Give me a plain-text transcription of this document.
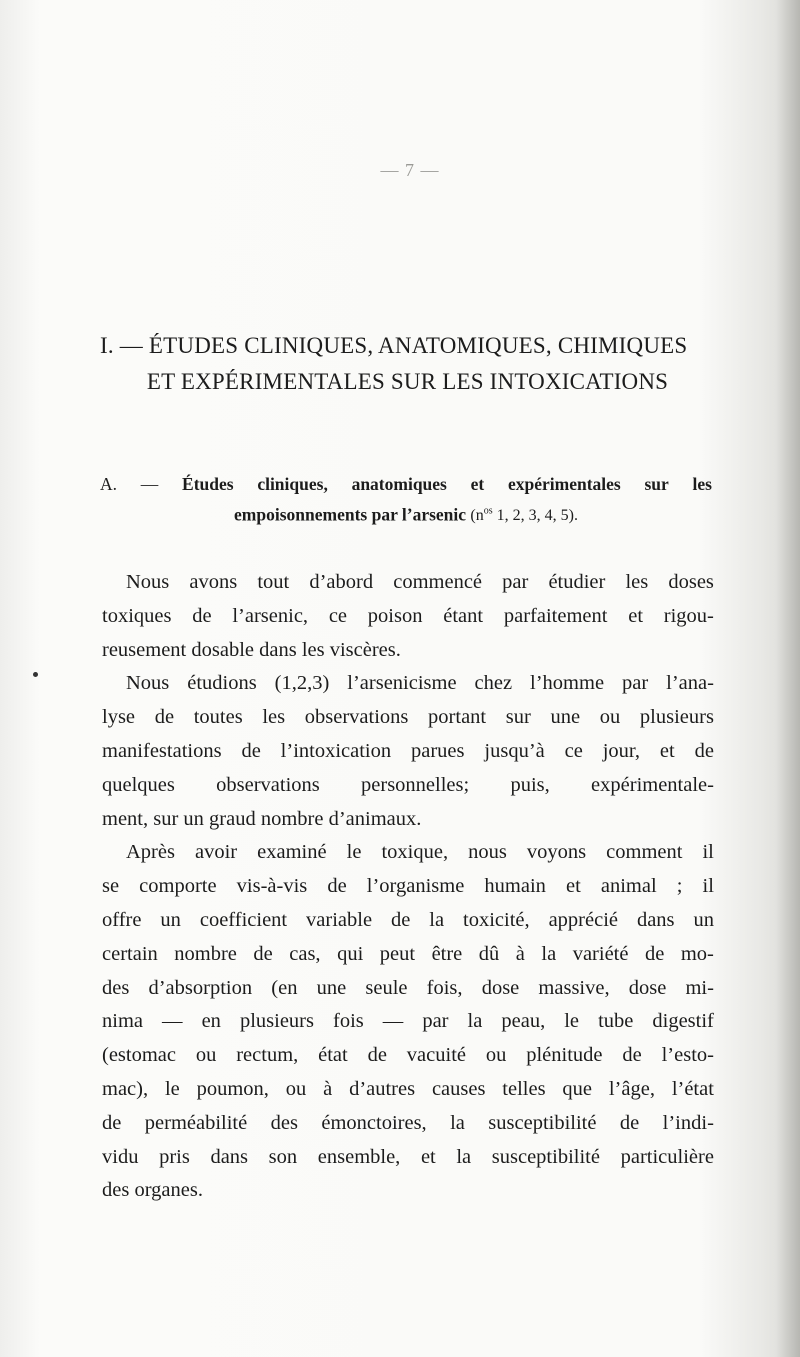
— 7 —
I. — ÉTUDES CLINIQUES, ANATOMIQUES, CHIMIQUES
ET EXPÉRIMENTALES SUR LES INTOXICATIONS
A. — Études cliniques, anatomiques et expérimentales sur les
empoisonnements par l’arsenic ($n^{os}$ 1, 2, 3, 4, 5).
Nous avons tout d’abord commencé par étudier les doses
toxiques de l’arsenic, ce poison étant parfaitement et rigou-
reusement dosable dans les viscères.
Nous étudions (1,2,3) l’arsenicisme chez l’homme par l’ana-
lyse de toutes les observations portant sur une ou plusieurs
manifestations de l’intoxication parues jusqu’à ce jour, et de
quelques observations personnelles; puis, expérimentale-
ment, sur un graud nombre d’animaux.
Après avoir examiné le toxique, nous voyons comment il
se comporte vis-à-vis de l’organisme humain et animal ; il
offre un coefficient variable de la toxicité, apprécié dans un
certain nombre de cas, qui peut être dû à la variété de mo-
des d’absorption (en une seule fois, dose massive, dose mi-
nima — en plusieurs fois — par la peau, le tube digestif
(estomac ou rectum, état de vacuité ou plénitude de l’esto-
mac), le poumon, ou à d’autres causes telles que l’âge, l’état
de perméabilité des émonctoires, la susceptibilité de l’indi-
vidu pris dans son ensemble, et la susceptibilité particulière
des organes.
